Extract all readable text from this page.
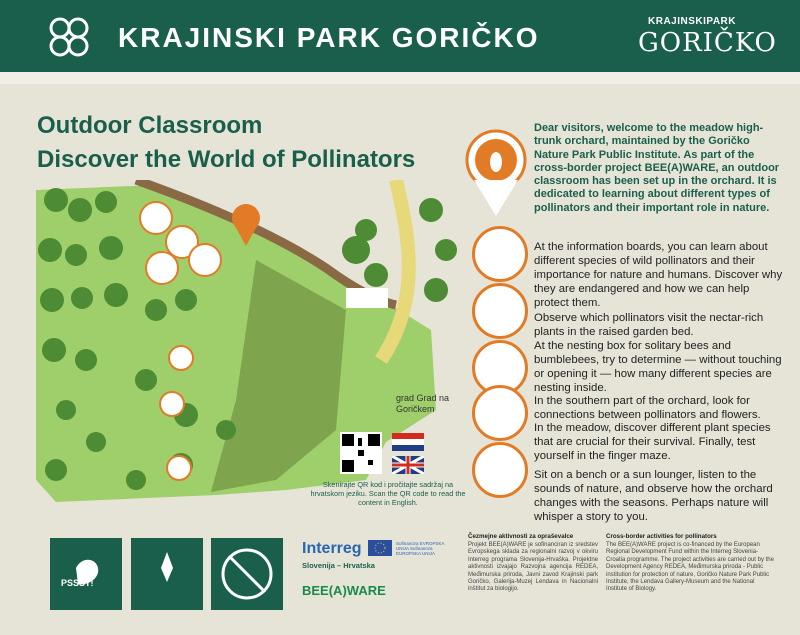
KRAJINSKI PARK GORIČKO
KRAJINSKIPARK
GORIČKO
Outdoor Classroom
Discover the World of Pollinators
grad Grad na Goričkem
Skenirajte QR kod i pročitajte sadržaj na hrvatskom jeziku. Scan the QR code to read the content in English.
Dear visitors, welcome to the meadow high-trunk orchard, maintained by the Goričko Nature Park Public Institute. As part of the cross-border project BEE(A)WARE, an outdoor classroom has been set up in the orchard. It is dedicated to learning about different types of pollinators and their important role in nature.
At the information boards, you can learn about different species of wild pollinators and their importance for nature and humans. Discover why they are endangered and how we can help protect them.
Observe which pollinators visit the nectar-rich plants in the raised garden bed.
At the nesting box for solitary bees and bumblebees, try to determine — without touching or opening it — how many different species are nesting inside.
In the southern part of the orchard, look for connections between pollinators and flowers.
In the meadow, discover different plant species that are crucial for their survival. Finally, test yourself in the finger maze.
Sit on a bench or a sun lounger, listen to the sounds of nature, and observe how the orchard changes with the seasons. Perhaps nature will whisper a story to you.
PSSST!
Interreg
Slovenija – Hrvatska
Sofinancira EVROPSKA UNIJA Sufinancira EUROPSKA UNIJA
BEE(A)WARE
Čezmejne aktivnosti za opraševalce
Projekt BEE(A)WARE je sofinanciran iz sredstev Evropskega sklada za regionalni razvoj v okviru Interreg programa Slovenija-Hrvaška. Projektne aktivnosti izvajajo Razvojna agencija REDEA, Međimurska priroda, Javni zavod Krajinski park Goričko, Galerija-Muzej Lendava in Nacionalni inštitut za biologijo.
Cross-border activities for pollinators
The BEE(A)WARE project is co-financed by the European Regional Development Fund within the Interreg Slovenia-Croatia programme. The project activities are carried out by the Development Agency REDEA, Međimurska priroda - Public institution for protection of nature, Goričko Nature Park Public Institute, the Lendava Gallery-Museum and the National Institute of Biology.
